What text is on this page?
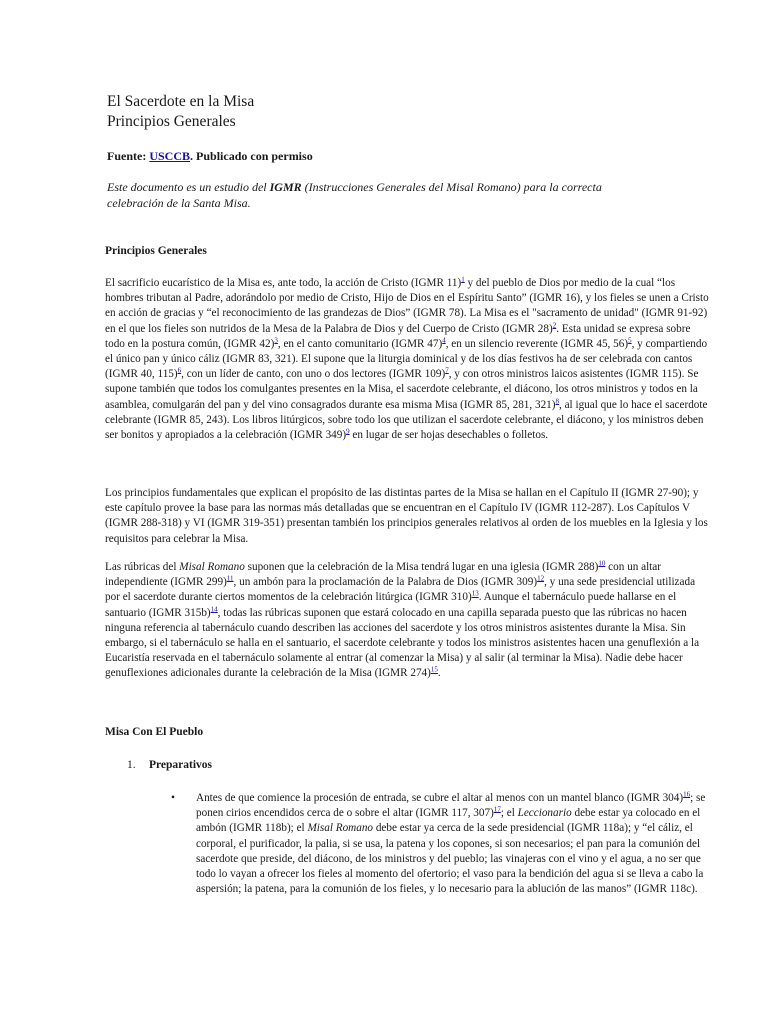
El Sacerdote en la Misa
Principios Generales

Fuente: USCCB. Publicado con permiso

Este documento es un estudio del IGMR (Instrucciones Generales del Misal Romano) para la correcta celebración de la Santa Misa.

Principios Generales

El sacrificio eucarístico de la Misa es, ante todo, la acción de Cristo (IGMR 11)$^1$ y del pueblo de Dios por medio de la cual “los hombres tributan al Padre, adorándolo por medio de Cristo, Hijo de Dios en el Espíritu Santo” (IGMR 16), y los fieles se unen a Cristo en acción de gracias y “el reconocimiento de las grandezas de Dios” (IGMR 78). La Misa es el "sacramento de unidad" (IGMR 91-92) en el que los fieles son nutridos de la Mesa de la Palabra de Dios y del Cuerpo de Cristo (IGMR 28)$^2$. Esta unidad se expresa sobre todo en la postura común, (IGMR 42)$^3$, en el canto comunitario (IGMR 47)$^4$, en un silencio reverente (IGMR 45, 56)$^5$, y compartiendo el único pan y único cáliz (IGMR 83, 321). El supone que la liturgia dominical y de los días festivos ha de ser celebrada con cantos (IGMR 40, 115)$^6$, con un líder de canto, con uno o dos lectores (IGMR 109)$^7$, y con otros ministros laicos asistentes (IGMR 115). Se supone también que todos los comulgantes presentes en la Misa, el sacerdote celebrante, el diácono, los otros ministros y todos en la asamblea, comulgarán del pan y del vino consagrados durante esa misma Misa (IGMR 85, 281, 321)$^8$, al igual que lo hace el sacerdote celebrante (IGMR 85, 243). Los libros litúrgicos, sobre todo los que utilizan el sacerdote celebrante, el diácono, y los ministros deben ser bonitos y apropiados a la celebración (IGMR 349)$^9$ en lugar de ser hojas desechables o folletos.

Los principios fundamentales que explican el propósito de las distintas partes de la Misa se hallan en el Capítulo II (IGMR 27-90); y este capítulo provee la base para las normas más detalladas que se encuentran en el Capítulo IV (IGMR 112-287). Los Capítulos V (IGMR 288-318) y VI (IGMR 319-351) presentan también los principios generales relativos al orden de los muebles en la Iglesia y los requisitos para celebrar la Misa.

Las rúbricas del Misal Romano suponen que la celebración de la Misa tendrá lugar en una iglesia (IGMR 288)$^{10}$ con un altar independiente (IGMR 299)$^{11}$, un ambón para la proclamación de la Palabra de Dios (IGMR 309)$^{12}$, y una sede presidencial utilizada por el sacerdote durante ciertos momentos de la celebración litúrgica (IGMR 310)$^{13}$. Aunque el tabernáculo puede hallarse en el santuario (IGMR 315b)$^{14}$, todas las rúbricas suponen que estará colocado en una capilla separada puesto que las rúbricas no hacen ninguna referencia al tabernáculo cuando describen las acciones del sacerdote y los otros ministros asistentes durante la Misa. Sin embargo, si el tabernáculo se halla en el santuario, el sacerdote celebrante y todos los ministros asistentes hacen una genuflexión a la Eucaristía reservada en el tabernáculo solamente al entrar (al comenzar la Misa) y al salir (al terminar la Misa). Nadie debe hacer genuflexiones adicionales durante la celebración de la Misa (IGMR 274)$^{15}$.

Misa Con El Pueblo

1. Preparativos

• Antes de que comience la procesión de entrada, se cubre el altar al menos con un mantel blanco (IGMR 304)$^{16}$; se ponen cirios encendidos cerca de o sobre el altar (IGMR 117, 307)$^{17}$; el Leccionario debe estar ya colocado en el ambón (IGMR 118b); el Misal Romano debe estar ya cerca de la sede presidencial (IGMR 118a); y “el cáliz, el corporal, el purificador, la palia, si se usa, la patena y los copones, si son necesarios; el pan para la comunión del sacerdote que preside, del diácono, de los ministros y del pueblo; las vinajeras con el vino y el agua, a no ser que todo lo vayan a ofrecer los fieles al momento del ofertorio; el vaso para la bendición del agua si se lleva a cabo la aspersión; la patena, para la comunión de los fieles, y lo necesario para la ablución de las manos” (IGMR 118c).
